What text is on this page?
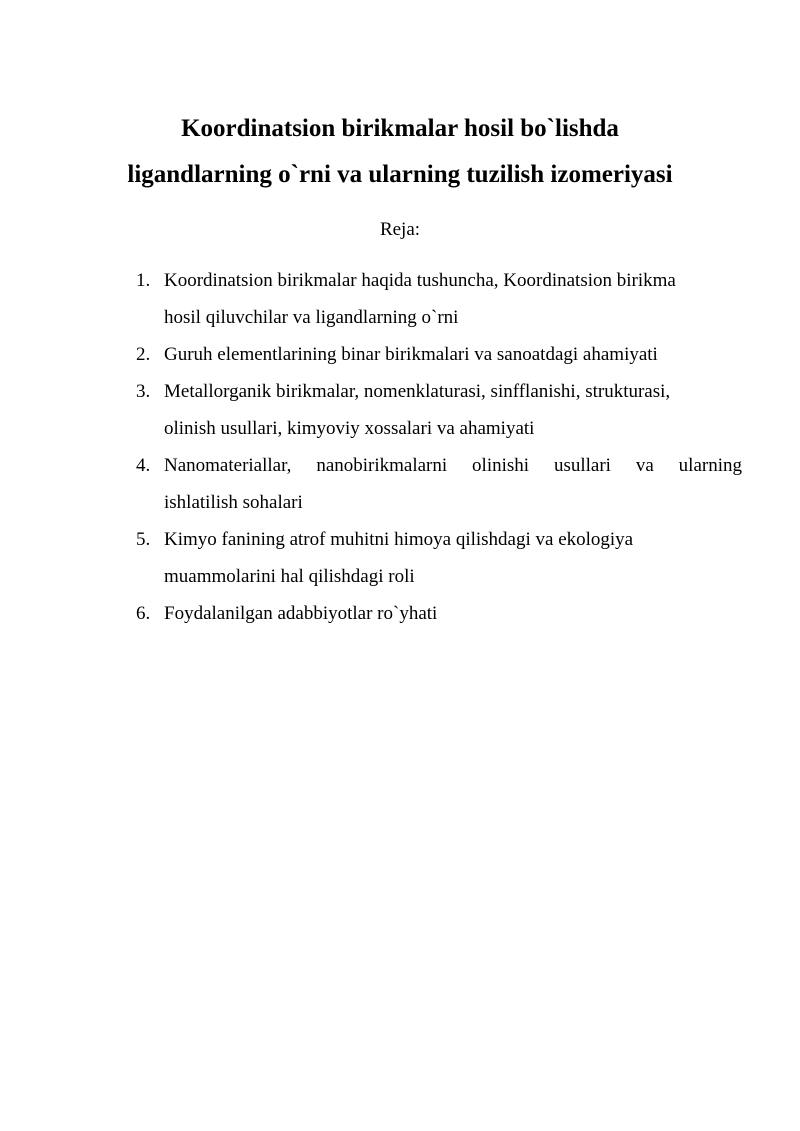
Koordinatsion birikmalar hosil bo`lishda
ligandlarning o`rni va ularning tuzilish izomeriyasi

Reja:

1. Koordinatsion birikmalar haqida tushuncha, Koordinatsion birikma
hosil qiluvchilar va ligandlarning o`rni
2. Guruh elementlarining binar birikmalari va sanoatdagi ahamiyati
3. Metallorganik birikmalar, nomenklaturasi, sinfflanishi, strukturasi,
olinish usullari, kimyoviy xossalari va ahamiyati
4. Nanomateriallar, nanobirikmalarni olinishi usullari va ularning
ishlatilish sohalari
5. Kimyo fanining atrof muhitni himoya qilishdagi va ekologiya
muammolarini hal qilishdagi roli
6. Foydalanilgan adabbiyotlar ro`yhati
